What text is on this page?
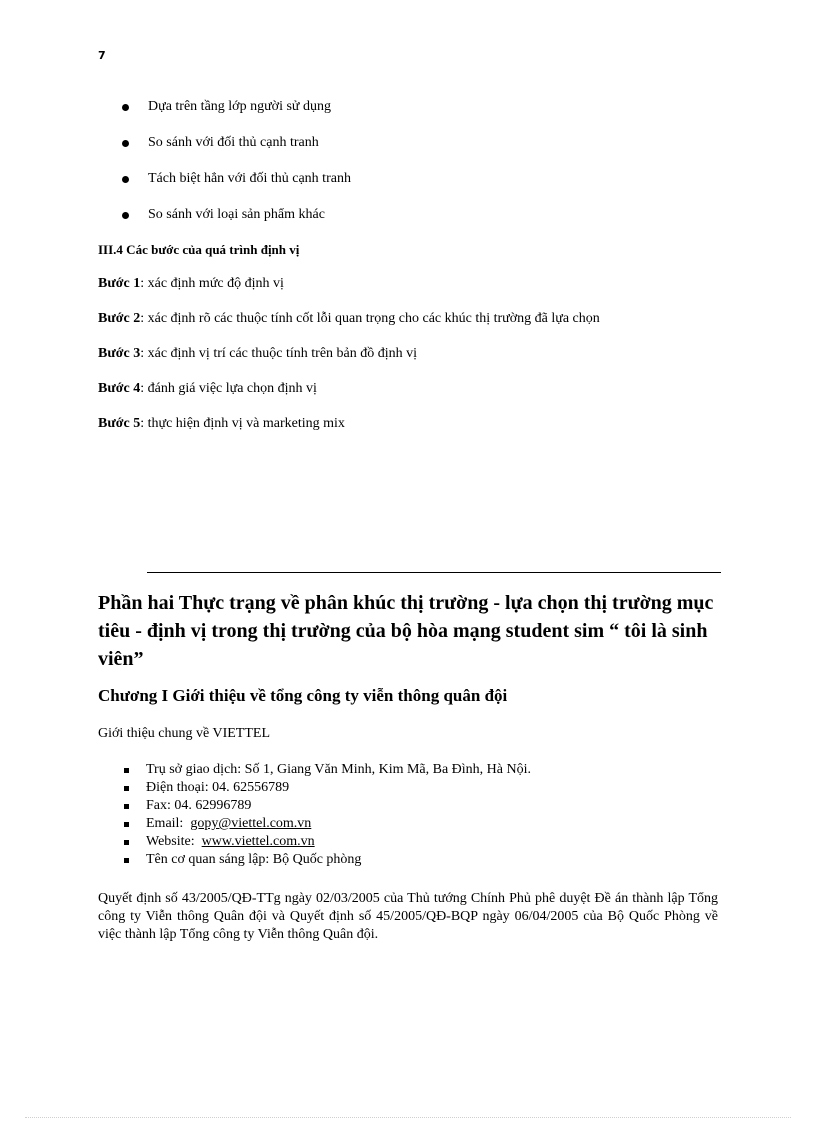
7
Dựa trên tầng lớp người sử dụng
So sánh với đối thủ cạnh tranh
Tách biệt hẳn với đối thủ cạnh tranh
So sánh với loại sản phẩm khác
III.4 Các bước của quá trình định vị
Bước 1: xác định mức độ định vị
Bước 2: xác định rõ các thuộc tính cốt lỗi quan trọng cho các khúc thị trường đã lựa chọn
Bước 3: xác định vị trí các thuộc tính trên bản đồ định vị
Bước 4: đánh giá việc lựa chọn định vị
Bước 5: thực hiện định vị và marketing mix
Phần hai Thực trạng về phân khúc thị trường - lựa chọn thị trường mục tiêu - định vị trong thị trường của bộ hòa mạng student sim “ tôi là sinh viên”
Chương I Giới thiệu về tổng công ty viễn thông quân đội
Giới thiệu chung về VIETTEL
Trụ sở giao dịch: Số 1, Giang Văn Minh, Kim Mã, Ba Đình, Hà Nội.
Điện thoại: 04. 62556789
Fax: 04. 62996789
Email: gopy@viettel.com.vn
Website: www.viettel.com.vn
Tên cơ quan sáng lập: Bộ Quốc phòng

Quyết định số 43/2005/QĐ-TTg ngày 02/03/2005 của Thủ tướng Chính Phủ phê duyệt Đề án thành lập Tổng công ty Viễn thông Quân đội và Quyết định số 45/2005/QĐ-BQP ngày 06/04/2005 của Bộ Quốc Phòng về việc thành lập Tổng công ty Viễn thông Quân đội.
